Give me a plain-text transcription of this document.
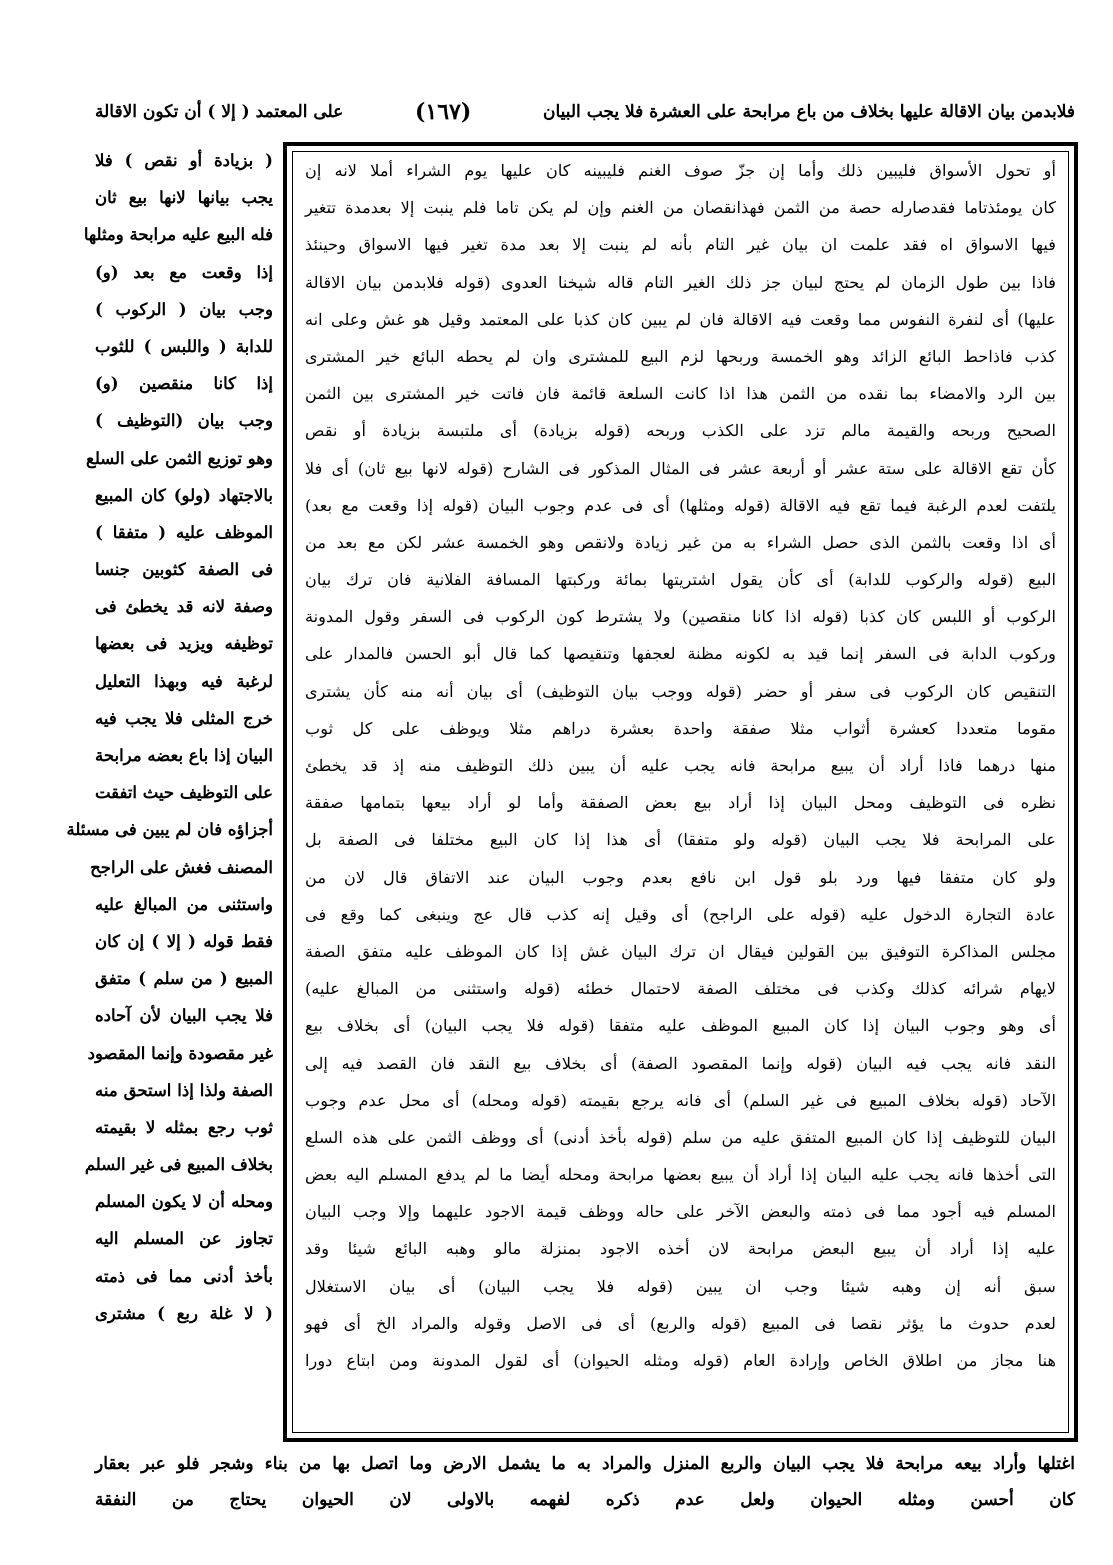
فلابدمن بيان الاقالة عليها بخلاف من باع مرابحة على العشرة فلا يجب البيان
(١٦٧)
على المعتمد ( إلا ) أن تكون الاقالة
أو تحول الأسواق فليبين ذلك وأما إن جزّ صوف الغنم فليبينه كان عليها يوم الشراء أملا لانه إن
كان يومئذتاما فقدصارله حصة من الثمن فهذانقصان من الغنم وإن لم يكن تاما فلم ينبت إلا بعدمدة تتغير
فيها الاسواق اه فقد علمت ان بيان غير التام بأنه لم ينبت إلا بعد مدة تغير فيها الاسواق وحينئذ
فاذا بين طول الزمان لم يحتج لبيان جز ذلك الغير التام قاله شيخنا العدوى (قوله فلابدمن بيان الاقالة
عليها) أى لنفرة النفوس مما وقعت فيه الاقالة فان لم يبين كان كذبا على المعتمد وقيل هو غش وعلى انه
كذب فاذاحط البائع الزائد وهو الخمسة وربحها لزم البيع للمشترى وان لم يحطه البائع خير المشترى
بين الرد والامضاء بما نقده من الثمن هذا اذا كانت السلعة قائمة فان فاتت خير المشترى بين الثمن
الصحيح وربحه والقيمة مالم تزد على الكذب وربحه (قوله بزيادة) أى ملتبسة بزيادة أو نقص
كأن تقع الاقالة على ستة عشر أو أربعة عشر فى المثال المذكور فى الشارح (قوله لانها بيع ثان) أى فلا
يلتفت لعدم الرغبة فيما تقع فيه الاقالة (قوله ومثلها) أى فى عدم وجوب البيان (قوله إذا وقعت مع بعد)
أى اذا وقعت بالثمن الذى حصل الشراء به من غير زيادة ولانقص وهو الخمسة عشر لكن مع بعد من
البيع (قوله والركوب للدابة) أى كأن يقول اشتريتها بمائة وركبتها المسافة الفلانية فان ترك بيان
الركوب أو اللبس كان كذبا (قوله اذا كانا منقصين) ولا يشترط كون الركوب فى السفر وقول المدونة
وركوب الدابة فى السفر إنما قيد به لكونه مظنة لعجفها وتنقيصها كما قال أبو الحسن فالمدار على
التنقيص كان الركوب فى سفر أو حضر (قوله ووجب بيان التوظيف) أى بيان أنه منه كأن يشترى
مقوما متعددا كعشرة أثواب مثلا صفقة واحدة بعشرة دراهم مثلا ويوظف على كل ثوب
منها درهما فاذا أراد أن يبيع مرابحة فانه يجب عليه أن يبين ذلك التوظيف منه إذ قد يخطئ
نظره فى التوظيف ومحل البيان إذا أراد بيع بعض الصفقة وأما لو أراد بيعها بتمامها صفقة
على المرابحة فلا يجب البيان (قوله ولو متفقا) أى هذا إذا كان البيع مختلفا فى الصفة بل
ولو كان متفقا فيها ورد بلو قول ابن نافع بعدم وجوب البيان عند الاتفاق قال لان من
عادة التجارة الدخول عليه (قوله على الراجح) أى وقيل إنه كذب قال عج وينبغى كما وقع فى
مجلس المذاكرة التوفيق بين القولين فيقال ان ترك البيان غش إذا كان الموظف عليه متفق الصفة
لايهام شرائه كذلك وكذب فى مختلف الصفة لاحتمال خطئه (قوله واستثنى من المبالغ عليه)
أى وهو وجوب البيان إذا كان المبيع الموظف عليه متفقا (قوله فلا يجب البيان) أى بخلاف بيع
النقد فانه يجب فيه البيان (قوله وإنما المقصود الصفة) أى بخلاف بيع النقد فان القصد فيه إلى
الآحاد (قوله بخلاف المبيع فى غير السلم) أى فانه يرجع بقيمته (قوله ومحله) أى محل عدم وجوب
البيان للتوظيف إذا كان المبيع المتفق عليه من سلم (قوله بأخذ أدنى) أى ووظف الثمن على هذه السلع
التى أخذها فانه يجب عليه البيان إذا أراد أن يبيع بعضها مرابحة ومحله أيضا ما لم يدفع المسلم اليه بعض
المسلم فيه أجود مما فى ذمته والبعض الآخر على حاله ووظف قيمة الاجود عليهما وإلا وجب البيان
عليه إذا أراد أن يبيع البعض مرابحة لان أخذه الاجود بمنزلة مالو وهبه البائع شيئا وقد
سبق أنه إن وهبه شيئا وجب ان يبين (قوله فلا يجب البيان) أى بيان الاستغلال
لعدم حدوث ما يؤثر نقصا فى المبيع (قوله والربع) أى فى الاصل وقوله والمراد الخ أى فهو
هنا مجاز من اطلاق الخاص وإرادة العام (قوله ومثله الحيوان) أى لقول المدونة ومن ابتاع دورا
( بزيادة أو نقص ) فلا
يجب بيانها لانها بيع ثان
فله البيع عليه مرابحة ومثلها
إذا وقعت مع بعد (و)
وجب بيان ( الركوب )
للدابة ( واللبس ) للثوب
إذا كانا منقصين (و)
وجب بيان (التوظيف )
وهو توزيع الثمن على السلع
بالاجتهاد (ولو) كان المبيع
الموظف عليه ( متفقا )
فى الصفة كثوبين جنسا
وصفة لانه قد يخطئ فى
توظيفه ويزيد فى بعضها
لرغبة فيه وبهذا التعليل
خرج المثلى فلا يجب فيه
البيان إذا باع بعضه مرابحة
على التوظيف حيث اتفقت
أجزاؤه فان لم يبين فى مسئلة
المصنف فغش على الراجح
واستثنى من المبالغ عليه
فقط قوله ( إلا ) إن كان
المبيع ( من سلم ) متفق
فلا يجب البيان لأن آحاده
غير مقصودة وإنما المقصود
الصفة ولذا إذا استحق منه
ثوب رجع بمثله لا بقيمته
بخلاف المبيع فى غير السلم
ومحله أن لا يكون المسلم
تجاوز عن المسلم اليه
بأخذ أدنى مما فى ذمته
( لا غلة ربع ) مشترى
اغتلها وأراد بيعه مرابحة فلا يجب البيان والربع المنزل والمراد به ما يشمل الارض وما اتصل بها من بناء وشجر فلو عبر بعقار
كان أحسن ومثله الحيوان ولعل عدم ذكره لفهمه بالاولى لان الحيوان يحتاج من النفقة
